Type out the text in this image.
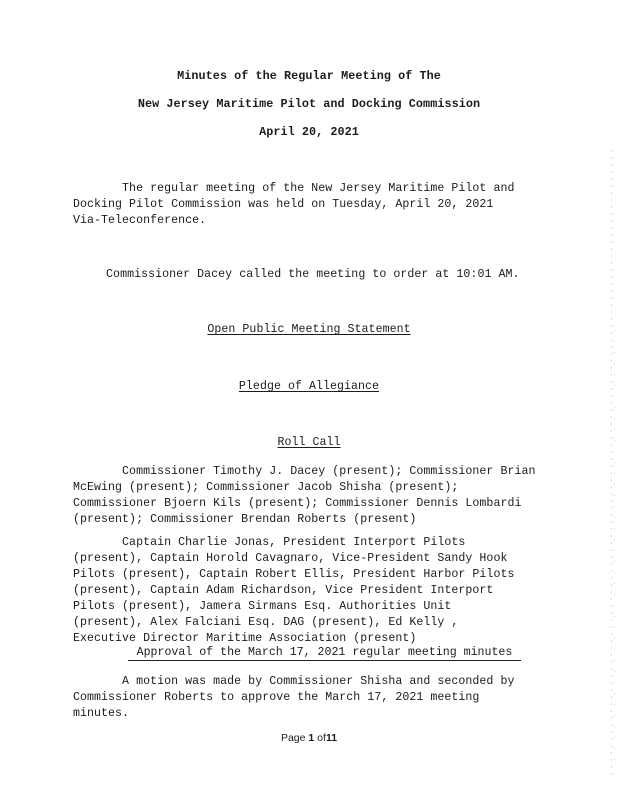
Minutes of the Regular Meeting of The
New Jersey Maritime Pilot and Docking Commission
April 20, 2021
The regular meeting of the New Jersey Maritime Pilot and
Docking Pilot Commission was held on Tuesday, April 20, 2021
Via-Teleconference.
Commissioner Dacey called the meeting to order at 10:01 AM.
Open Public Meeting Statement
Pledge of Allegiance
Roll Call
Commissioner Timothy J. Dacey (present); Commissioner Brian
McEwing (present); Commissioner Jacob Shisha (present);
Commissioner Bjoern Kils (present); Commissioner Dennis Lombardi
(present); Commissioner Brendan Roberts (present)
Captain Charlie Jonas, President Interport Pilots
(present), Captain Horold Cavagnaro, Vice-President Sandy Hook
Pilots (present), Captain Robert Ellis, President Harbor Pilots
(present), Captain Adam Richardson, Vice President Interport
Pilots (present), Jamera Sirmans Esq. Authorities Unit
(present), Alex Falciani Esq. DAG (present), Ed Kelly ,
Executive Director Maritime Association (present)
Approval of the March 17, 2021 regular meeting minutes
A motion was made by Commissioner Shisha and seconded by
Commissioner Roberts to approve the March 17, 2021 meeting
minutes.
Page 1 of11
